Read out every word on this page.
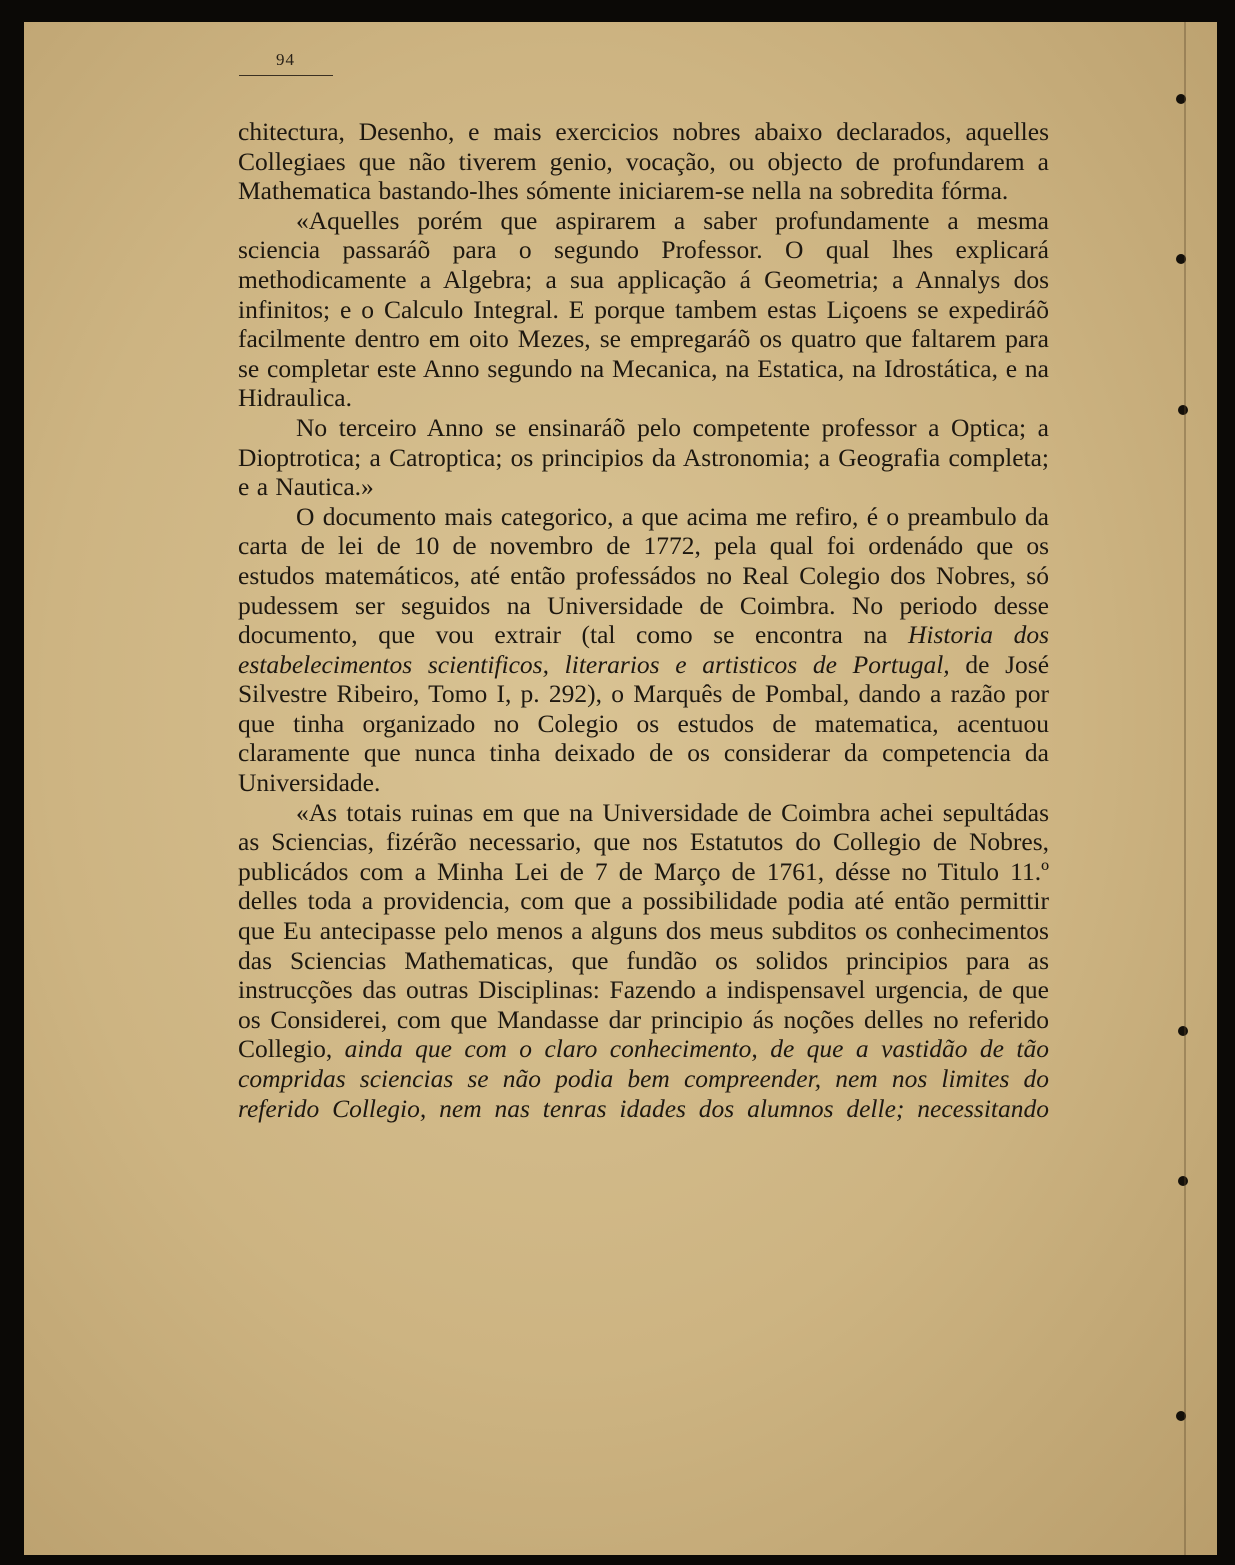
94

chitectura, Desenho, e mais exercicios nobres abaixo declarados, aquelles Collegiaes que não tiverem genio, vocação, ou objecto de profundarem a Mathematica bastando-lhes sómente iniciarem-se nella na sobredita fórma.

«Aquelles porém que aspirarem a saber profundamente a mesma sciencia passaráõ para o segundo Professor. O qual lhes explicará methodicamente a Algebra; a sua applicação á Geometria; a Annalys dos infinitos; e o Calculo Integral. E porque tambem estas Liçoens se expediráõ facilmente dentro em oito Mezes, se empregaráõ os quatro que faltarem para se completar este Anno segundo na Mecanica, na Estatica, na Idrostática, e na Hidraulica.

No terceiro Anno se ensinaráõ pelo competente professor a Optica; a Dioptrotica; a Catroptica; os principios da Astronomia; a Geografia completa; e a Nautica.»

O documento mais categorico, a que acima me refiro, é o preambulo da carta de lei de 10 de novembro de 1772, pela qual foi ordenádo que os estudos matemáticos, até então professádos no Real Colegio dos Nobres, só pudessem ser seguidos na Universidade de Coimbra. No periodo desse documento, que vou extrair (tal como se encontra na Historia dos estabelecimentos scientificos, literarios e artisticos de Portugal, de José Silvestre Ribeiro, Tomo I, p. 292), o Marquês de Pombal, dando a razão por que tinha organizado no Colegio os estudos de matematica, acentuou claramente que nunca tinha deixado de os considerar da competencia da Universidade.

«As totais ruinas em que na Universidade de Coimbra achei sepultádas as Sciencias, fizérão necessario, que nos Estatutos do Collegio de Nobres, publicádos com a Minha Lei de 7 de Março de 1761, désse no Titulo 11.º delles toda a providencia, com que a possibilidade podia até então permittir que Eu antecipasse pelo menos a alguns dos meus subditos os conhecimentos das Sciencias Mathematicas, que fundão os solidos principios para as instrucções das outras Disciplinas: Fazendo a indispensavel urgencia, de que os Considerei, com que Mandasse dar principio ás noções delles no referido Collegio, ainda que com o claro conhecimento, de que a vastidão de tão compridas sciencias se não podia bem compreender, nem nos limites do referido Collegio, nem nas tenras idades dos alumnos delle; necessitando
